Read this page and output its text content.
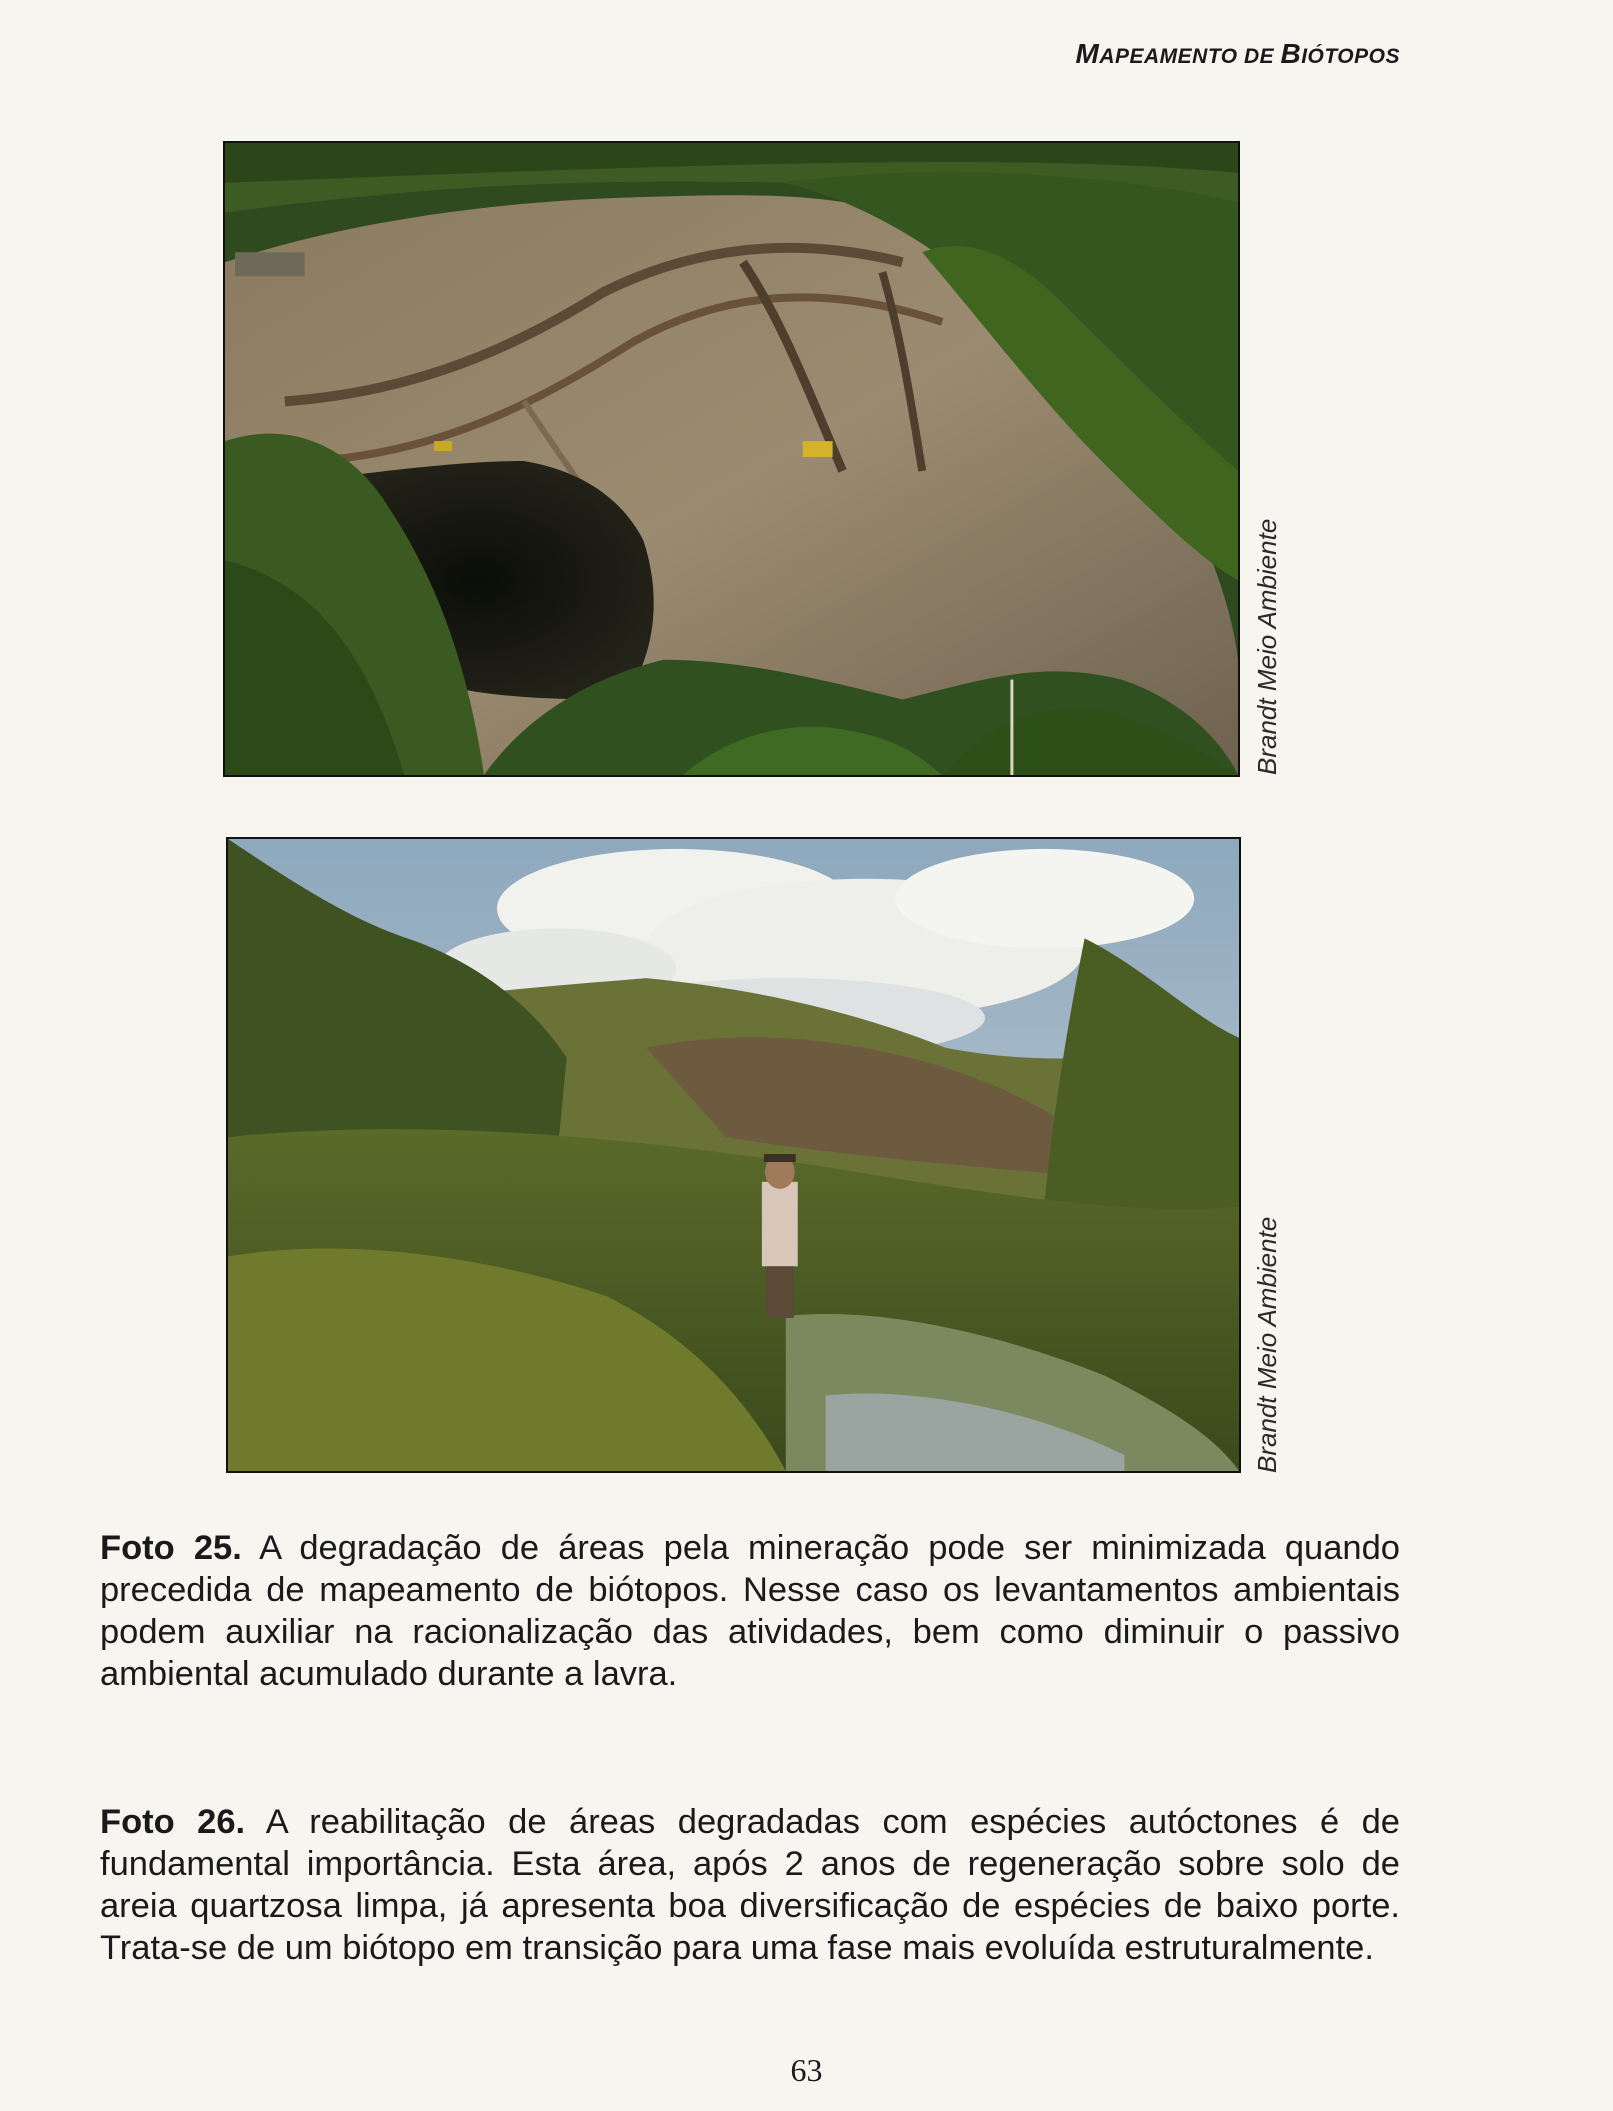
MAPEAMENTO DE BIÓTOPOS
Brandt Meio Ambiente
Brandt Meio Ambiente

Foto 25. A degradação de áreas pela mineração pode ser minimizada quando precedida de mapeamento de biótopos. Nesse caso os levantamentos ambientais podem auxiliar na racionalização das atividades, bem como diminuir o passivo ambiental acumulado durante a lavra.

Foto 26. A reabilitação de áreas degradadas com espécies autóctones é de fundamental importância. Esta área, após 2 anos de regeneração sobre solo de areia quartzosa limpa, já apresenta boa diversificação de espécies de baixo porte. Trata-se de um biótopo em transição para uma fase mais evoluída estruturalmente.

63
